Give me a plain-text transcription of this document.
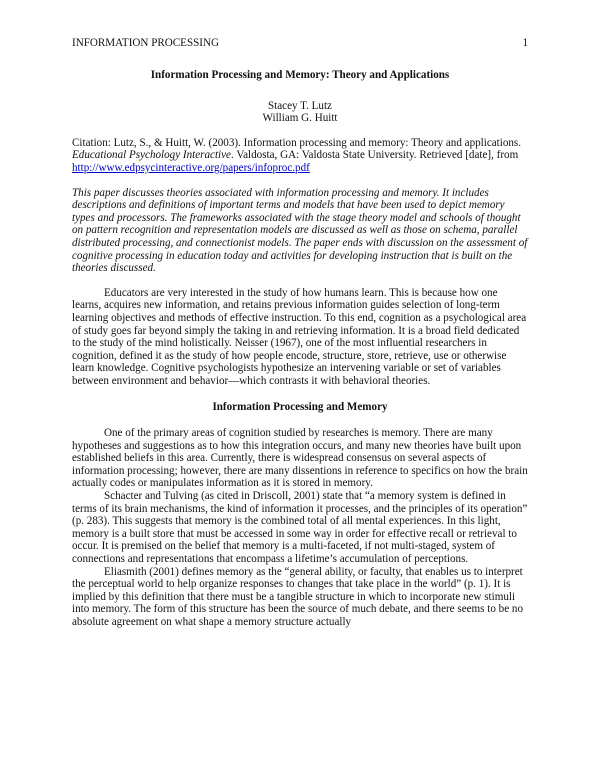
INFORMATION PROCESSING	1
Information Processing and Memory: Theory and Applications
Stacey T. Lutz
William G. Huitt
Citation: Lutz, S., & Huitt, W. (2003). Information processing and memory: Theory and applications. Educational Psychology Interactive. Valdosta, GA: Valdosta State University. Retrieved [date], from http://www.edpsycinteractive.org/papers/infoproc.pdf
This paper discusses theories associated with information processing and memory. It includes descriptions and definitions of important terms and models that have been used to depict memory types and processors. The frameworks associated with the stage theory model and schools of thought on pattern recognition and representation models are discussed as well as those on schema, parallel distributed processing, and connectionist models. The paper ends with discussion on the assessment of cognitive processing in education today and activities for developing instruction that is built on the theories discussed.

Educators are very interested in the study of how humans learn. This is because how one learns, acquires new information, and retains previous information guides selection of long-term learning objectives and methods of effective instruction. To this end, cognition as a psychological area of study goes far beyond simply the taking in and retrieving information. It is a broad field dedicated to the study of the mind holistically. Neisser (1967), one of the most influential researchers in cognition, defined it as the study of how people encode, structure, store, retrieve, use or otherwise learn knowledge. Cognitive psychologists hypothesize an intervening variable or set of variables between environment and behavior—which contrasts it with behavioral theories.

Information Processing and Memory

One of the primary areas of cognition studied by researches is memory. There are many hypotheses and suggestions as to how this integration occurs, and many new theories have built upon established beliefs in this area. Currently, there is widespread consensus on several aspects of information processing; however, there are many dissentions in reference to specifics on how the brain actually codes or manipulates information as it is stored in memory.

Schacter and Tulving (as cited in Driscoll, 2001) state that “a memory system is defined in terms of its brain mechanisms, the kind of information it processes, and the principles of its operation” (p. 283). This suggests that memory is the combined total of all mental experiences. In this light, memory is a built store that must be accessed in some way in order for effective recall or retrieval to occur. It is premised on the belief that memory is a multi-faceted, if not multi-staged, system of connections and representations that encompass a lifetime’s accumulation of perceptions.

Eliasmith (2001) defines memory as the “general ability, or faculty, that enables us to interpret the perceptual world to help organize responses to changes that take place in the world” (p. 1). It is implied by this definition that there must be a tangible structure in which to incorporate new stimuli into memory. The form of this structure has been the source of much debate, and there seems to be no absolute agreement on what shape a memory structure actually
